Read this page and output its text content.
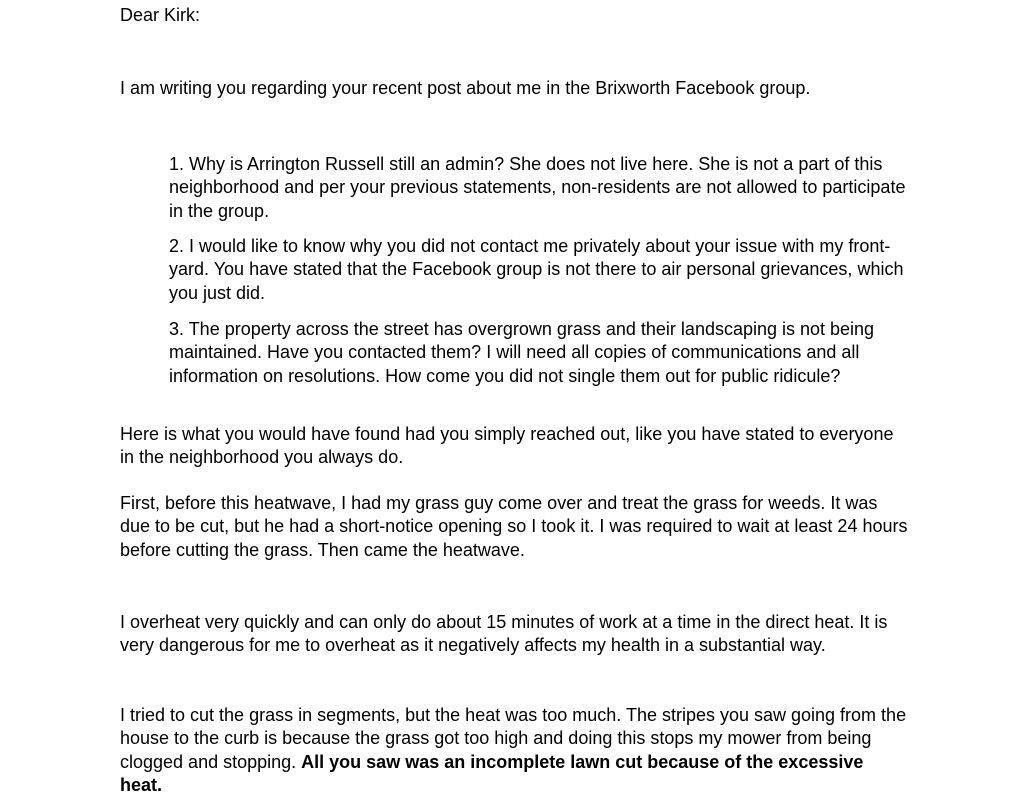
Dear Kirk:

I am writing you regarding your recent post about me in the Brixworth Facebook group.

1. Why is Arrington Russell still an admin? She does not live here. She is not a part of this neighborhood and per your previous statements, non-residents are not allowed to participate in the group.

2. I would like to know why you did not contact me privately about your issue with my front-yard. You have stated that the Facebook group is not there to air personal grievances, which you just did.

3. The property across the street has overgrown grass and their landscaping is not being maintained. Have you contacted them? I will need all copies of communications and all information on resolutions. How come you did not single them out for public ridicule?

Here is what you would have found had you simply reached out, like you have stated to everyone in the neighborhood you always do.

First, before this heatwave, I had my grass guy come over and treat the grass for weeds. It was due to be cut, but he had a short-notice opening so I took it. I was required to wait at least 24 hours before cutting the grass. Then came the heatwave.

I overheat very quickly and can only do about 15 minutes of work at a time in the direct heat. It is very dangerous for me to overheat as it negatively affects my health in a substantial way.

I tried to cut the grass in segments, but the heat was too much. The stripes you saw going from the house to the curb is because the grass got too high and doing this stops my mower from being clogged and stopping. All you saw was an incomplete lawn cut because of the excessive heat.
